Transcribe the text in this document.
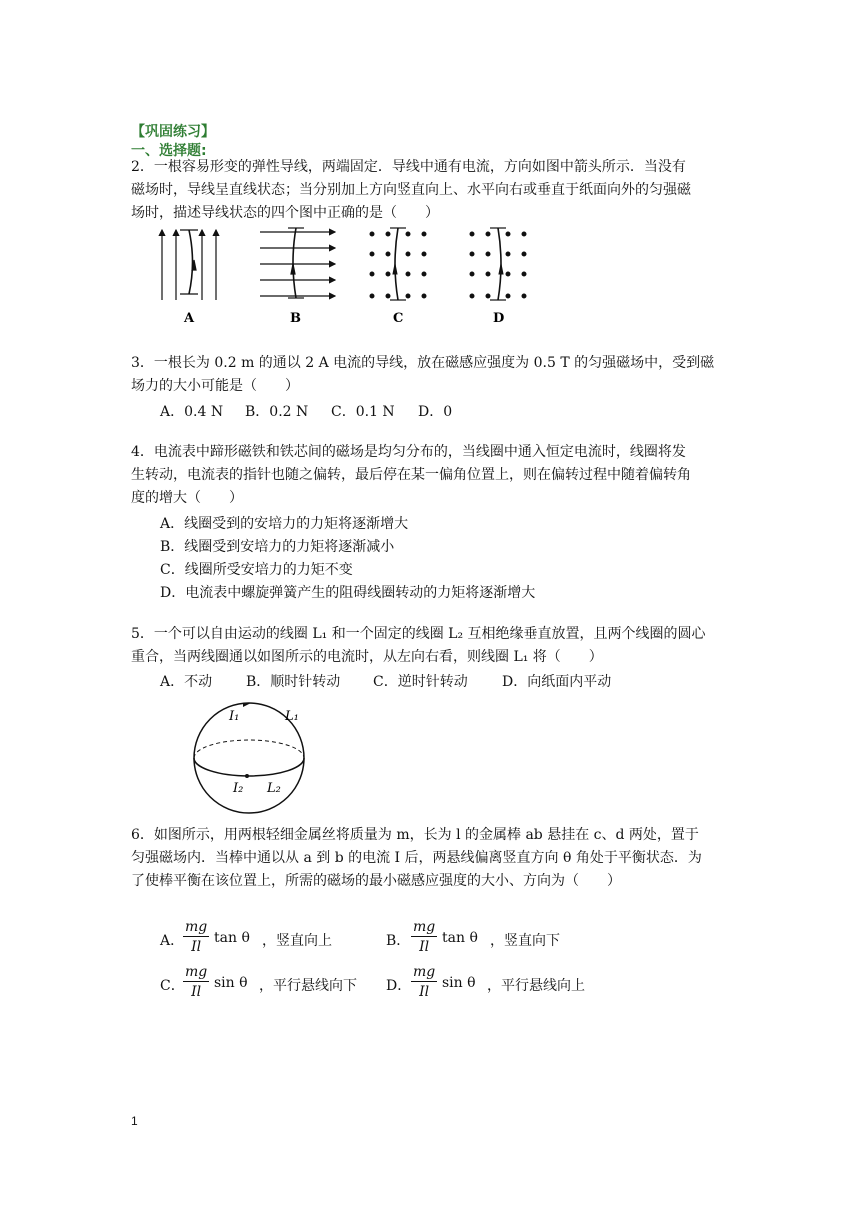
【巩固练习】
一、选择题:
2．一根容易形变的弹性导线，两端固定．导线中通有电流，方向如图中箭头所示．当没有
磁场时，导线呈直线状态；当分别加上方向竖直向上、水平向右或垂直于纸面向外的匀强磁
场时，描述导线状态的四个图中正确的是（　　）
A	B	C	D
3．一根长为 0.2 m 的通以 2 A 电流的导线，放在磁感应强度为 0.5 T 的匀强磁场中，受到磁
场力的大小可能是（　　）
A．0.4 N B．0.2 N C．0.1 N D．0
4．电流表中蹄形磁铁和铁芯间的磁场是均匀分布的，当线圈中通入恒定电流时，线圈将发
生转动，电流表的指针也随之偏转，最后停在某一偏角位置上，则在偏转过程中随着偏转角
度的增大（　　）
A．线圈受到的安培力的力矩将逐渐增大
B．线圈受到安培力的力矩将逐渐减小
C．线圈所受安培力的力矩不变
D．电流表中螺旋弹簧产生的阻碍线圈转动的力矩将逐渐增大
5．一个可以自由运动的线圈 L₁ 和一个固定的线圈 L₂ 互相绝缘垂直放置，且两个线圈的圆心
重合，当两线圈通以如图所示的电流时，从左向右看，则线圈 L₁ 将（　　）
A．不动 B．顺时针转动 C．逆时针转动 D．向纸面内平动
I₁	L₁
I₂ L₂
6．如图所示，用两根轻细金属丝将质量为 m，长为 l 的金属棒 ab 悬挂在 c、d 两处，置于
匀强磁场内．当棒中通以从 a 到 b 的电流 I 后，两悬线偏离竖直方向 θ 角处于平衡状态．为
了使棒平衡在该位置上，所需的磁场的最小磁感应强度的大小、方向为（　　）
A．
$\frac{mg}{Il}$ tan θ ，竖直向上	B． $\frac{mg}{Il}$ tan θ ，竖直向下
C．
$\frac{mg}{Il}$ sin θ ，平行悬线向下 D． $\frac{mg}{Il}$ sin θ ，平行悬线向上
1
